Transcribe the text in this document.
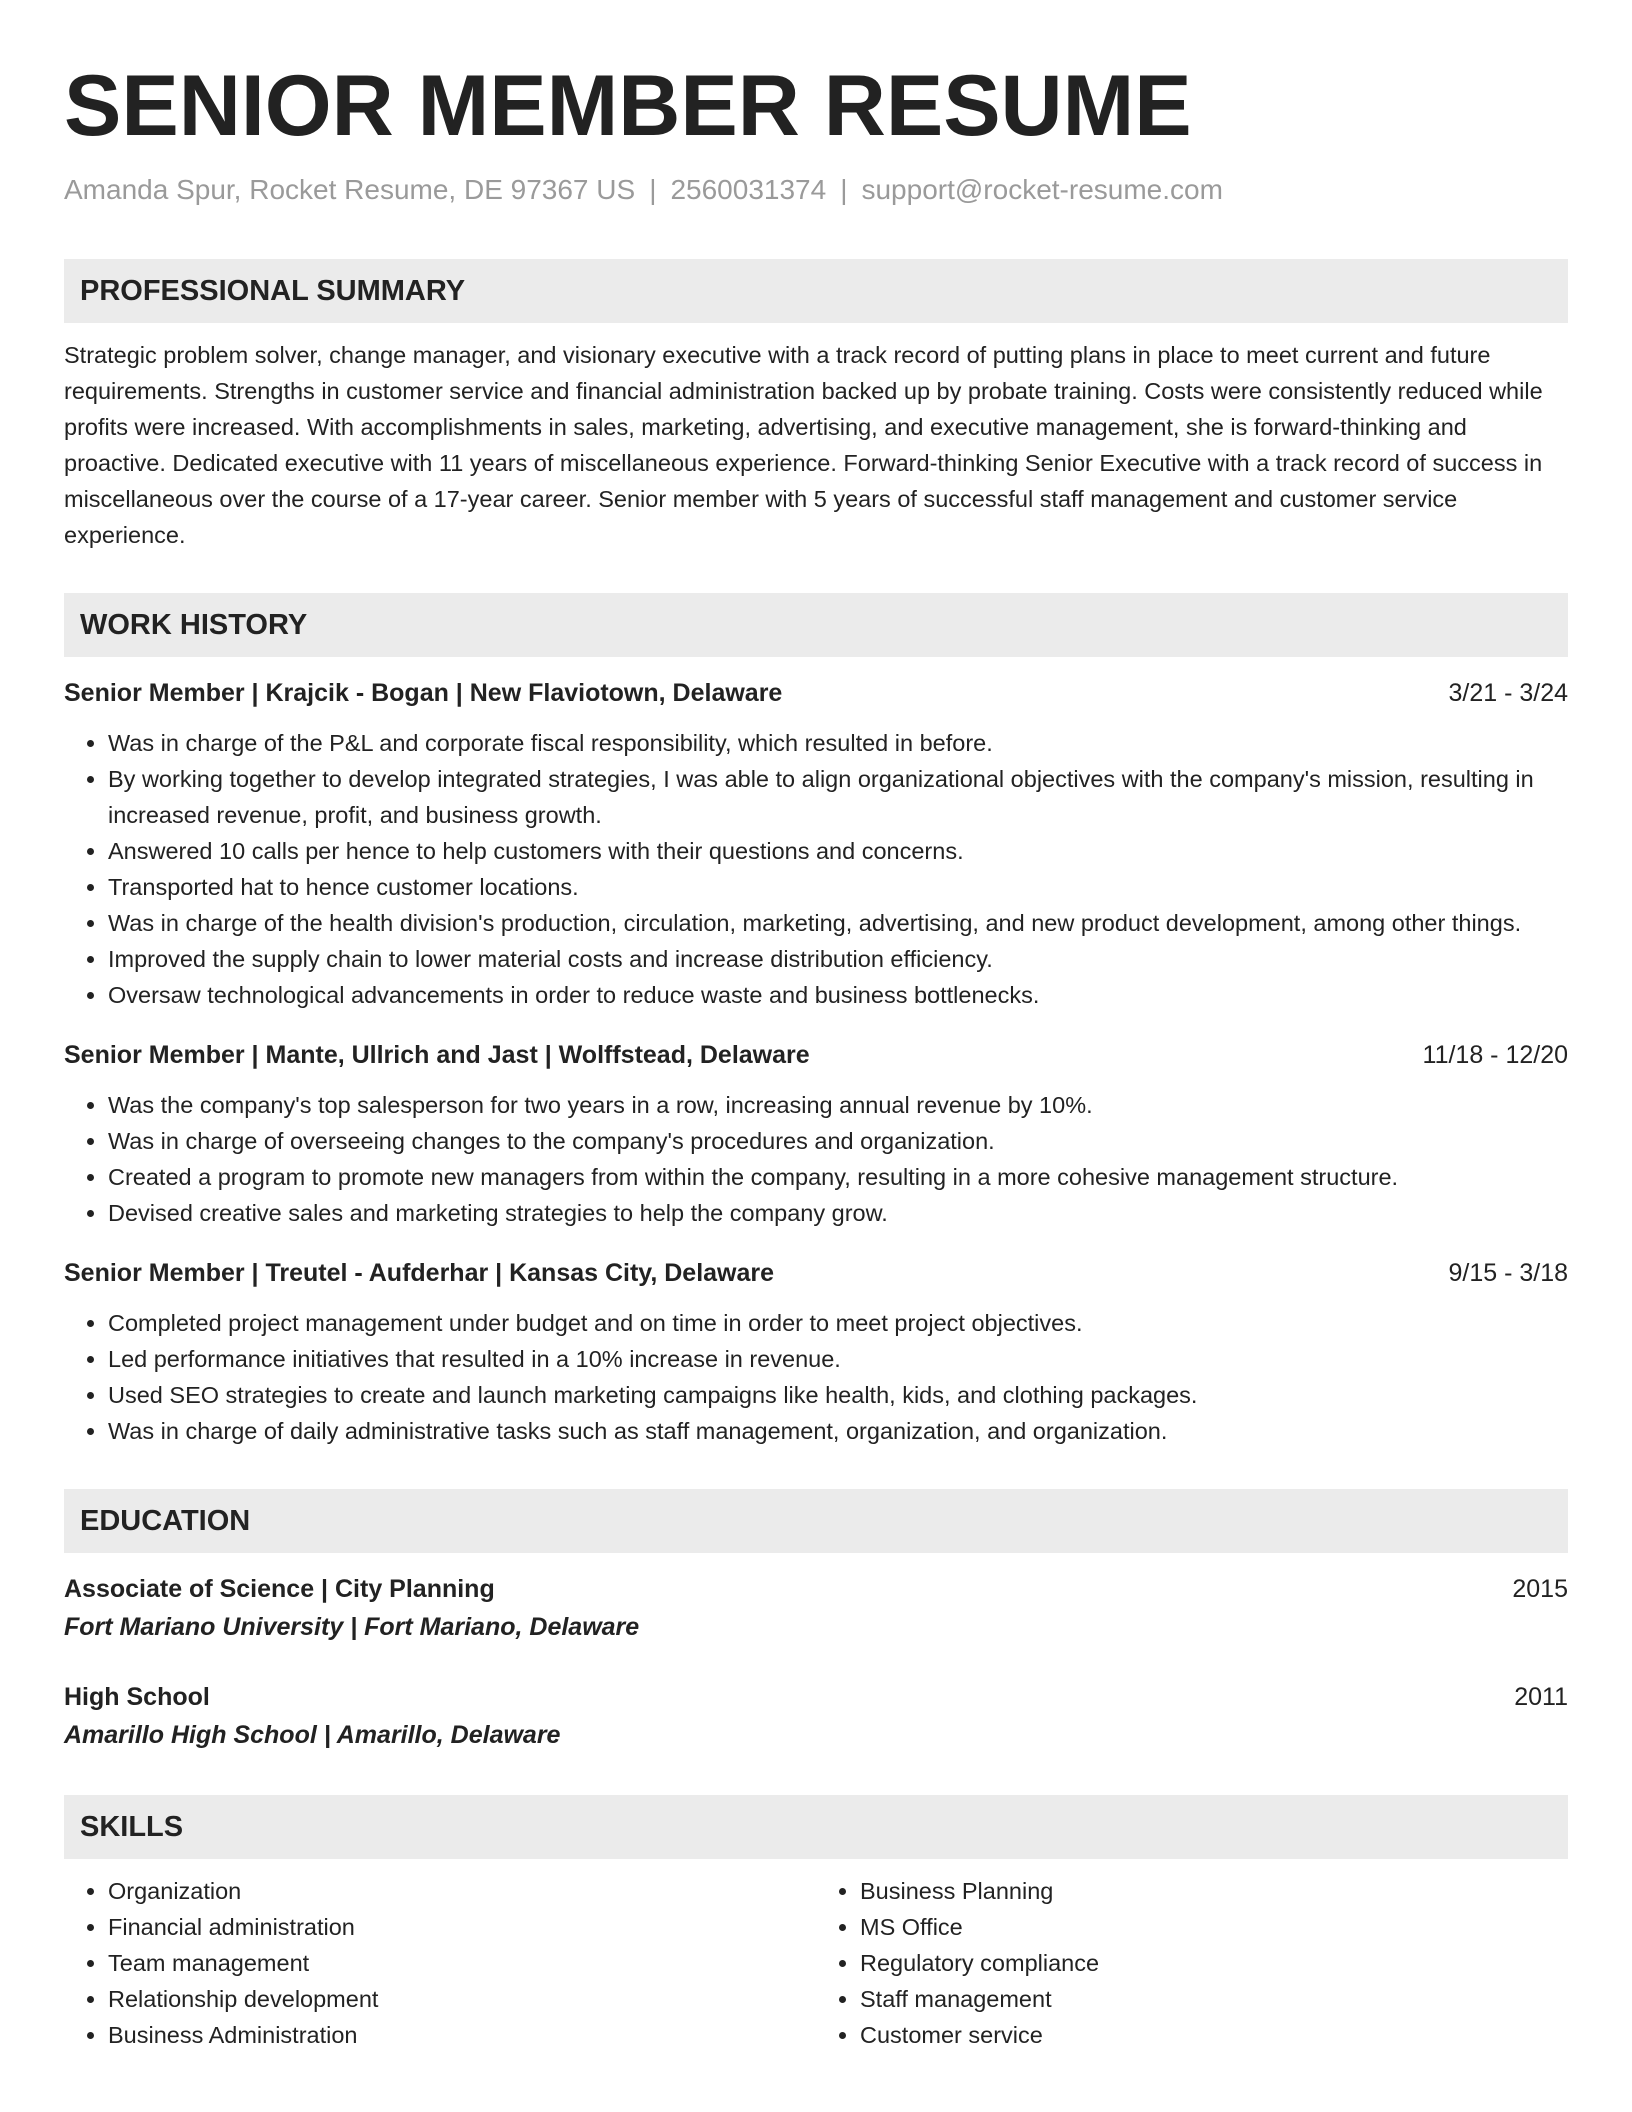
SENIOR MEMBER RESUME
Amanda Spur, Rocket Resume, DE 97367 US | 2560031374 | support@rocket-resume.com
PROFESSIONAL SUMMARY
Strategic problem solver, change manager, and visionary executive with a track record of putting plans in place to meet current and future requirements. Strengths in customer service and financial administration backed up by probate training. Costs were consistently reduced while profits were increased. With accomplishments in sales, marketing, advertising, and executive management, she is forward-thinking and proactive. Dedicated executive with 11 years of miscellaneous experience. Forward-thinking Senior Executive with a track record of success in miscellaneous over the course of a 17-year career. Senior member with 5 years of successful staff management and customer service experience.
WORK HISTORY
Senior Member | Krajcik - Bogan | New Flaviotown, Delaware	3/21 - 3/24
• Was in charge of the P&L and corporate fiscal responsibility, which resulted in before.
• By working together to develop integrated strategies, I was able to align organizational objectives with the company's mission, resulting in increased revenue, profit, and business growth.
• Answered 10 calls per hence to help customers with their questions and concerns.
• Transported hat to hence customer locations.
• Was in charge of the health division's production, circulation, marketing, advertising, and new product development, among other things.
• Improved the supply chain to lower material costs and increase distribution efficiency.
• Oversaw technological advancements in order to reduce waste and business bottlenecks.
Senior Member | Mante, Ullrich and Jast | Wolffstead, Delaware	11/18 - 12/20
• Was the company's top salesperson for two years in a row, increasing annual revenue by 10%.
• Was in charge of overseeing changes to the company's procedures and organization.
• Created a program to promote new managers from within the company, resulting in a more cohesive management structure.
• Devised creative sales and marketing strategies to help the company grow.
Senior Member | Treutel - Aufderhar | Kansas City, Delaware	9/15 - 3/18
• Completed project management under budget and on time in order to meet project objectives.
• Led performance initiatives that resulted in a 10% increase in revenue.
• Used SEO strategies to create and launch marketing campaigns like health, kids, and clothing packages.
• Was in charge of daily administrative tasks such as staff management, organization, and organization.
EDUCATION
Associate of Science | City Planning	2015
Fort Mariano University | Fort Mariano, Delaware
High School	2011
Amarillo High School | Amarillo, Delaware
SKILLS
• Organization
• Financial administration
• Team management
• Relationship development
• Business Administration
• Business Planning
• MS Office
• Regulatory compliance
• Staff management
• Customer service
